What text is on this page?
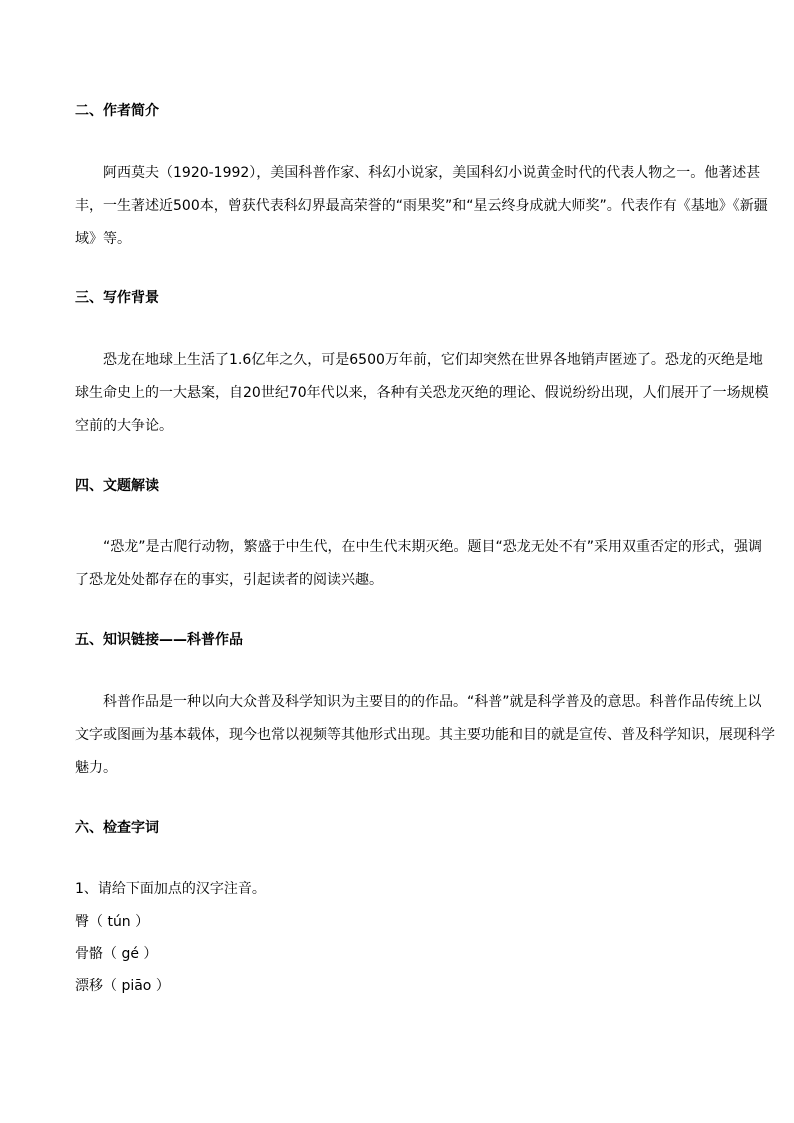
二、作者简介

阿西莫夫（1920-1992），美国科普作家、科幻小说家，美国科幻小说黄金时代的代表人物之一。他著述甚丰，一生著述近500本，曾获代表科幻界最高荣誉的“雨果奖”和“星云终身成就大师奖”。代表作有《基地》《新疆域》等。

三、写作背景

恐龙在地球上生活了1.6亿年之久，可是6500万年前，它们却突然在世界各地销声匿迹了。恐龙的灭绝是地球生命史上的一大悬案，自20世纪70年代以来，各种有关恐龙灭绝的理论、假说纷纷出现，人们展开了一场规模空前的大争论。

四、文题解读

“恐龙”是古爬行动物，繁盛于中生代，在中生代末期灭绝。题目“恐龙无处不有”采用双重否定的形式，强调了恐龙处处都存在的事实，引起读者的阅读兴趣。

五、知识链接——科普作品

科普作品是一种以向大众普及科学知识为主要目的的作品。“科普”就是科学普及的意思。科普作品传统上以文字或图画为基本载体，现今也常以视频等其他形式出现。其主要功能和目的就是宣传、普及科学知识，展现科学魅力。

六、检查字词
1、请给下面加点的汉字注音。
臀（ tún ）
骨骼（ gé ）
漂移（ piāo ）
